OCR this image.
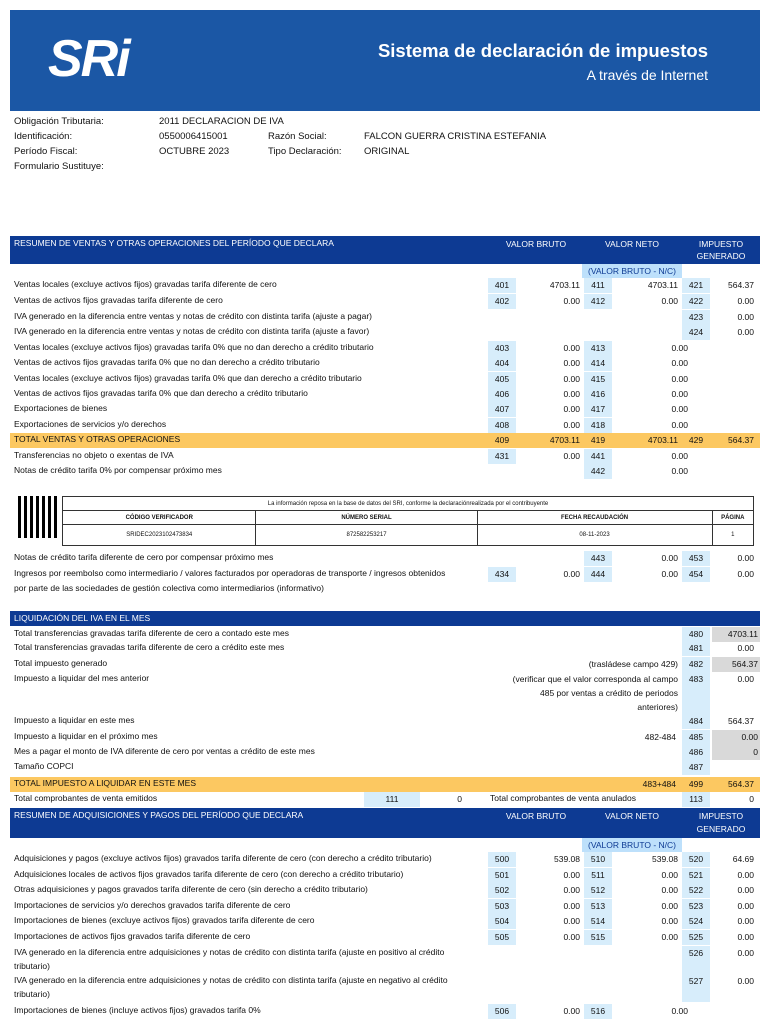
SRi	Sistema de declaración de impuestos
A través de Internet
Obligación Tributaria:	2011 DECLARACION DE IVA
Identificación:	0550006415001	Razón Social:	FALCON GUERRA CRISTINA ESTEFANIA
Período Fiscal:	OCTUBRE 2023	Tipo Declaración: ORIGINAL
Formulario Sustituye:
RESUMEN DE VENTAS Y OTRAS OPERACIONES DEL PERÍODO QUE DECLARA	VALOR BRUTO	VALOR NETO	IMPUESTO
GENERADO
(VALOR BRUTO - N/C)
Ventas locales (excluye activos fijos) gravadas tarifa diferente de cero	401	4703.11	411	4703.11	421	564.37
Ventas de activos fijos gravadas tarifa diferente de cero	402	0.00	412	0.00	422	0.00
IVA generado en la diferencia entre ventas y notas de crédito con distinta tarifa (ajuste a pagar)	423	0.00
IVA generado en la diferencia entre ventas y notas de crédito con distinta tarifa (ajuste a favor)	424	0.00
Ventas locales (excluye activos fijos) gravadas tarifa 0% que no dan derecho a crédito tributario	403	0.00	413	0.00
Ventas de activos fijos gravadas tarifa 0% que no dan derecho a crédito tributario	404	0.00	414	0.00
Ventas locales (excluye activos fijos) gravadas tarifa 0% que dan derecho a crédito tributario	405	0.00	415	0.00
Ventas de activos fijos gravadas tarifa 0% que dan derecho a crédito tributario	406	0.00	416	0.00
Exportaciones de bienes	407	0.00	417	0.00
Exportaciones de servicios y/o derechos	408	0.00	418	0.00
TOTAL VENTAS Y OTRAS OPERACIONES	409	4703.11	419	4703.11	429	564.37
Transferencias no objeto o exentas de IVA	431	0.00	441	0.00
Notas de crédito tarifa 0% por compensar próximo mes	442	0.00
La información reposa en la base de datos del SRI, conforme la declaraciónrealizada por el contribuyente			
CÓDIGO VERIFICADOR	NÚMERO SERIAL	FECHA RECAUDACIÓN	PÁGINA
SRIDEC2023102473834	872582253217	08-11-2023	1
Notas de crédito tarifa diferente de cero por compensar próximo mes	443	0.00	453	0.00
Ingresos por reembolso como intermediario / valores facturados por operadoras de transporte / ingresos obtenidos
por parte de las sociedades de gestión colectiva como intermediarios (informativo)
434	0.00	444	0.00	454	0.00
LIQUIDACIÓN DEL IVA EN EL MES
Total transferencias gravadas tarifa diferente de cero a contado este mes	480	4703.11
Total transferencias gravadas tarifa diferente de cero a crédito este mes	481	0.00
Total impuesto generado	(trasládese campo 429)	482	564.37
Impuesto a liquidar del mes anterior	(verificar que el valor corresponda al campo
485 por ventas a crédito de periodos
anteriores)
483	0.00
Impuesto a liquidar en este mes	484	564.37
Impuesto a liquidar en el próximo mes	482-484	485	0.00
Mes a pagar el monto de IVA diferente de cero por ventas a crédito de este mes	486	0
Tamaño COPCI	487
TOTAL IMPUESTO A LIQUIDAR EN ESTE MES	483+484	499	564.37
Total comprobantes de venta emitidos	111	0	Total comprobantes de venta anulados	113	0
RESUMEN DE ADQUISICIONES Y PAGOS DEL PERÍODO QUE DECLARA	VALOR BRUTO	VALOR NETO	IMPUESTO
GENERADO
(VALOR BRUTO - N/C)
Adquisiciones y pagos (excluye activos fijos) gravados tarifa diferente de cero (con derecho a crédito tributario)	500	539.08	510	539.08	520	64.69
Adquisiciones locales de activos fijos gravados tarifa diferente de cero (con derecho a crédito tributario)	501	0.00	511	0.00	521	0.00
Otras adquisiciones y pagos gravados tarifa diferente de cero (sin derecho a crédito tributario)	502	0.00	512	0.00	522	0.00
Importaciones de servicios y/o derechos gravados tarifa diferente de cero	503	0.00	513	0.00	523	0.00
Importaciones de bienes (excluye activos fijos) gravados tarifa diferente de cero	504	0.00	514	0.00	524	0.00
Importaciones de activos fijos gravados tarifa diferente de cero	505	0.00	515	0.00	525	0.00
IVA generado en la diferencia entre adquisiciones y notas de crédito con distinta tarifa (ajuste en positivo al crédito
tributario)
526	0.00
IVA generado en la diferencia entre adquisiciones y notas de crédito con distinta tarifa (ajuste en negativo al crédito
tributario)
527	0.00
Importaciones de bienes (incluye activos fijos) gravados tarifa 0%	506	0.00	516	0.00
